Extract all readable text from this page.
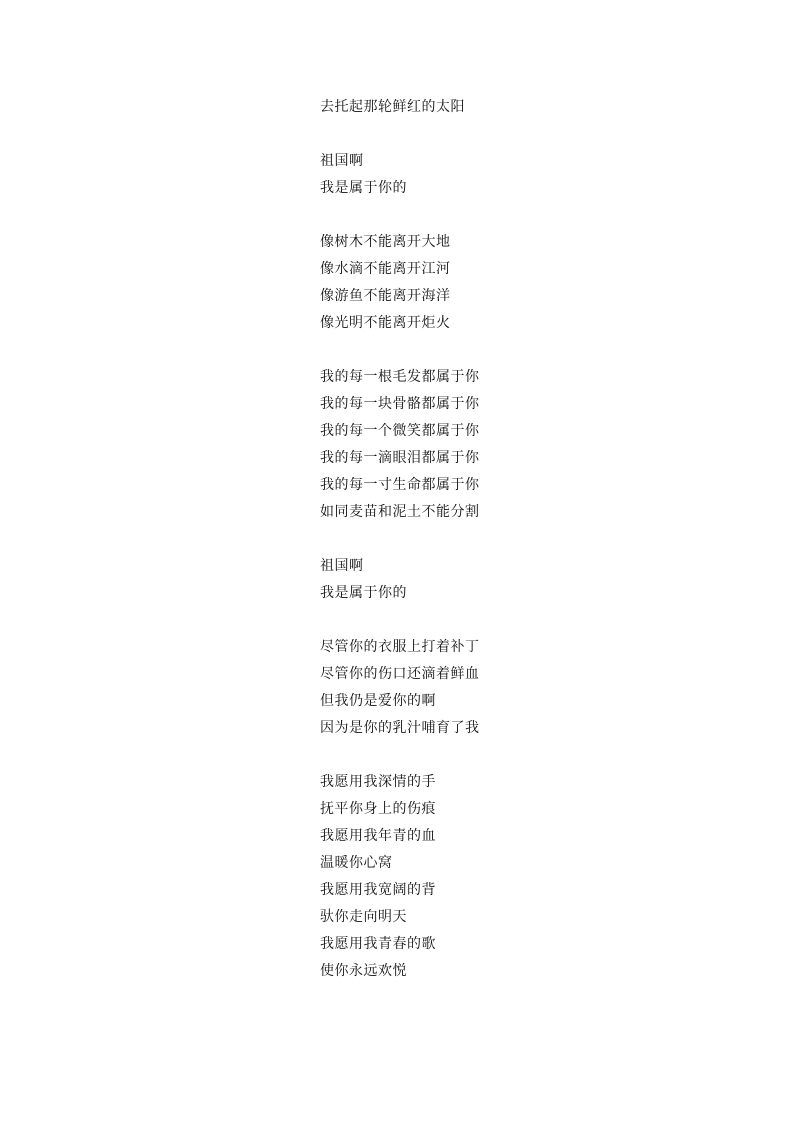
去托起那轮鲜红的太阳
祖国啊
我是属于你的
像树木不能离开大地
像水滴不能离开江河
像游鱼不能离开海洋
像光明不能离开炬火
我的每一根毛发都属于你
我的每一块骨骼都属于你
我的每一个微笑都属于你
我的每一滴眼泪都属于你
我的每一寸生命都属于你
如同麦苗和泥土不能分割
祖国啊
我是属于你的
尽管你的衣服上打着补丁
尽管你的伤口还滴着鲜血
但我仍是爱你的啊
因为是你的乳汁哺育了我
我愿用我深情的手
抚平你身上的伤痕
我愿用我年青的血
温暖你心窝
我愿用我宽阔的背
驮你走向明天
我愿用我青春的歌
使你永远欢悦
